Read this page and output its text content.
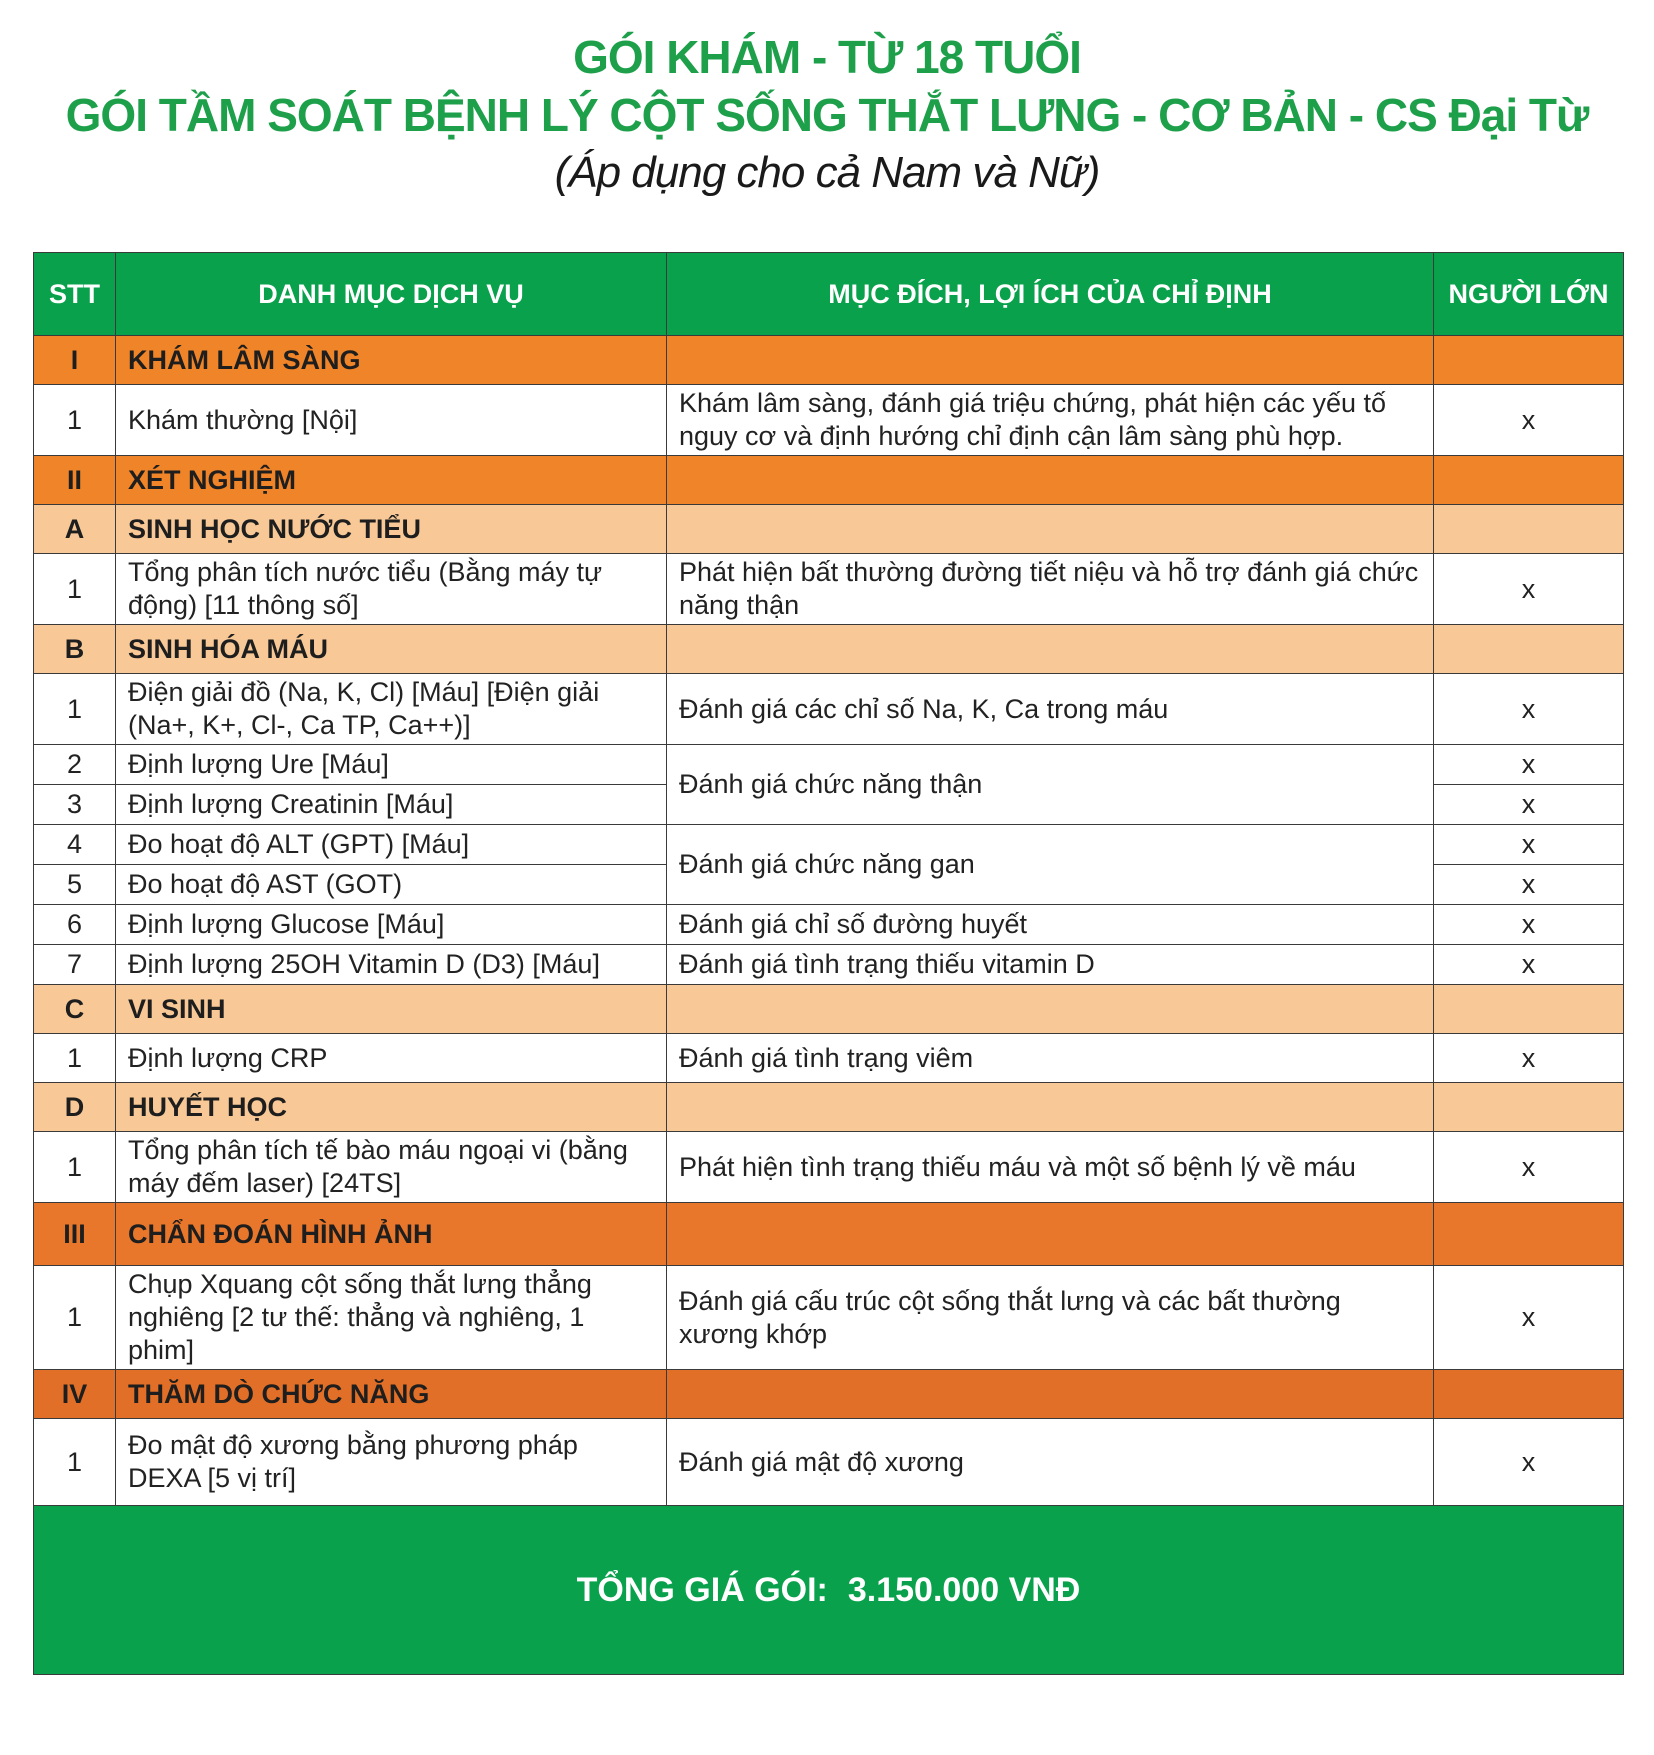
GÓI KHÁM - TỪ 18 TUỔI
GÓI TẦM SOÁT BỆNH LÝ CỘT SỐNG THẮT LƯNG - CƠ BẢN - CS Đại Từ
(Áp dụng cho cả Nam và Nữ)
STT	DANH MỤC DỊCH VỤ	MỤC ĐÍCH, LỢI ÍCH CỦA CHỈ ĐỊNH	NGƯỜI LỚN
I	KHÁM LÂM SÀNG		
1	Khám thường [Nội]	Khám lâm sàng, đánh giá triệu chứng, phát hiện các yếu tố nguy cơ và định hướng chỉ định cận lâm sàng phù hợp.	x
II	XÉT NGHIỆM		
A	SINH HỌC NƯỚC TIỂU		
1	Tổng phân tích nước tiểu (Bằng máy tự động) [11 thông số]	Phát hiện bất thường đường tiết niệu và hỗ trợ đánh giá chức năng thận	x
B	SINH HÓA MÁU		
1	Điện giải đồ (Na, K, Cl) [Máu] [Điện giải (Na+, K+, Cl-, Ca TP, Ca++)]	Đánh giá các chỉ số Na, K, Ca trong máu	x
2	Định lượng Ure [Máu]	Đánh giá chức năng thận	x
3	Định lượng Creatinin [Máu]		x
4	Đo hoạt độ ALT (GPT) [Máu]	Đánh giá chức năng gan	x
5	Đo hoạt độ AST (GOT)		x
6	Định lượng Glucose [Máu]	Đánh giá chỉ số đường huyết	x
7	Định lượng 25OH Vitamin D (D3) [Máu]	Đánh giá tình trạng thiếu vitamin D	x
C	VI SINH		
1	Định lượng CRP	Đánh giá tình trạng viêm	x
D	HUYẾT HỌC		
1	Tổng phân tích tế bào máu ngoại vi (bằng máy đếm laser) [24TS]	Phát hiện tình trạng thiếu máu và một số bệnh lý về máu	x
III	CHẨN ĐOÁN HÌNH ẢNH		
1	Chụp Xquang cột sống thắt lưng thẳng nghiêng [2 tư thế: thẳng và nghiêng, 1 phim]	Đánh giá cấu trúc cột sống thắt lưng và các bất thường xương khớp	x
IV	THĂM DÒ CHỨC NĂNG		
1	Đo mật độ xương bằng phương pháp DEXA [5 vị trí]	Đánh giá mật độ xương	x
TỔNG GIÁ GÓI: 3.150.000 VNĐ			
